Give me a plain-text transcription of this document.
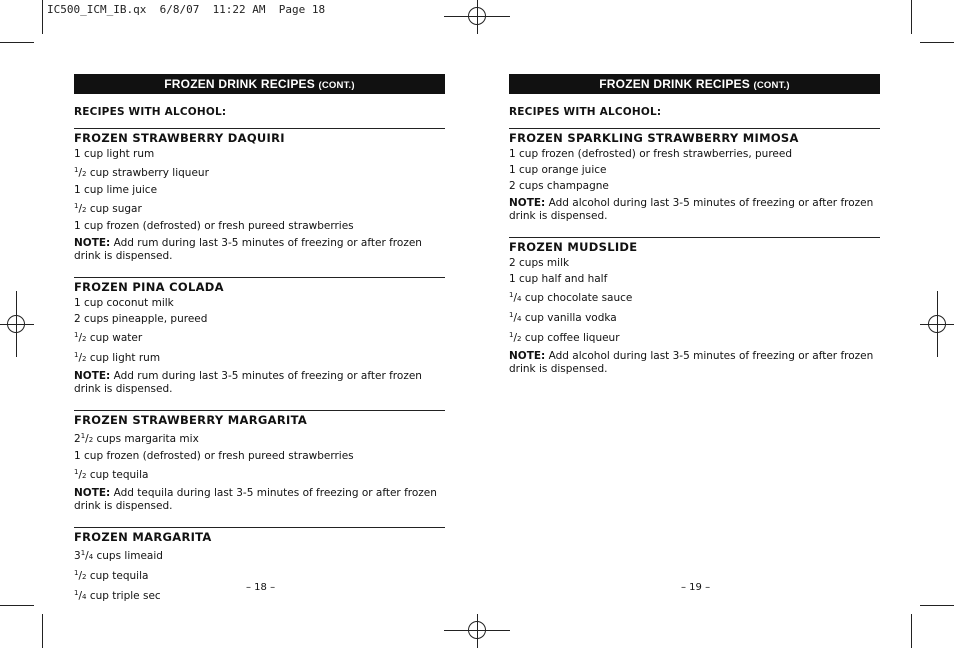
IC500_ICM_IB.qx  6/8/07  11:22 AM  Page 18
FROZEN DRINK RECIPES (CONT.)
RECIPES WITH ALCOHOL:
FROZEN STRAWBERRY DAQUIRI
1 cup light rum
$^1$/2 cup strawberry liqueur
1 cup lime juice
$^1$/2 cup sugar
1 cup frozen (defrosted) or fresh pureed strawberries
NOTE: Add rum during last 3-5 minutes of freezing or after frozen drink is dispensed.
FROZEN PINA COLADA
1 cup coconut milk
2 cups pineapple, pureed
$^1$/2 cup water
$^1$/2 cup light rum
NOTE: Add rum during last 3-5 minutes of freezing or after frozen drink is dispensed.
FROZEN STRAWBERRY MARGARITA
$2^1/2$ cups margarita mix
1 cup frozen (defrosted) or fresh pureed strawberries
$^1$/2 cup tequila
NOTE: Add tequila during last 3-5 minutes of freezing or after frozen drink is dispensed.
FROZEN MARGARITA
$3^1/4$ cups limeaid
$^1$/2 cup tequila
$^1$/4 cup triple sec
FROZEN DRINK RECIPES (CONT.)
RECIPES WITH ALCOHOL:
FROZEN SPARKLING STRAWBERRY MIMOSA
1 cup frozen (defrosted) or fresh strawberries, pureed
1 cup orange juice
2 cups champagne
NOTE: Add alcohol during last 3-5 minutes of freezing or after frozen drink is dispensed.
FROZEN MUDSLIDE
2 cups milk
1 cup half and half
$^1$/4 cup chocolate sauce
$^1$/4 cup vanilla vodka
$^1$/2 cup coffee liqueur
NOTE: Add alcohol during last 3-5 minutes of freezing or after frozen drink is dispensed.
– 18 –	– 19 –
